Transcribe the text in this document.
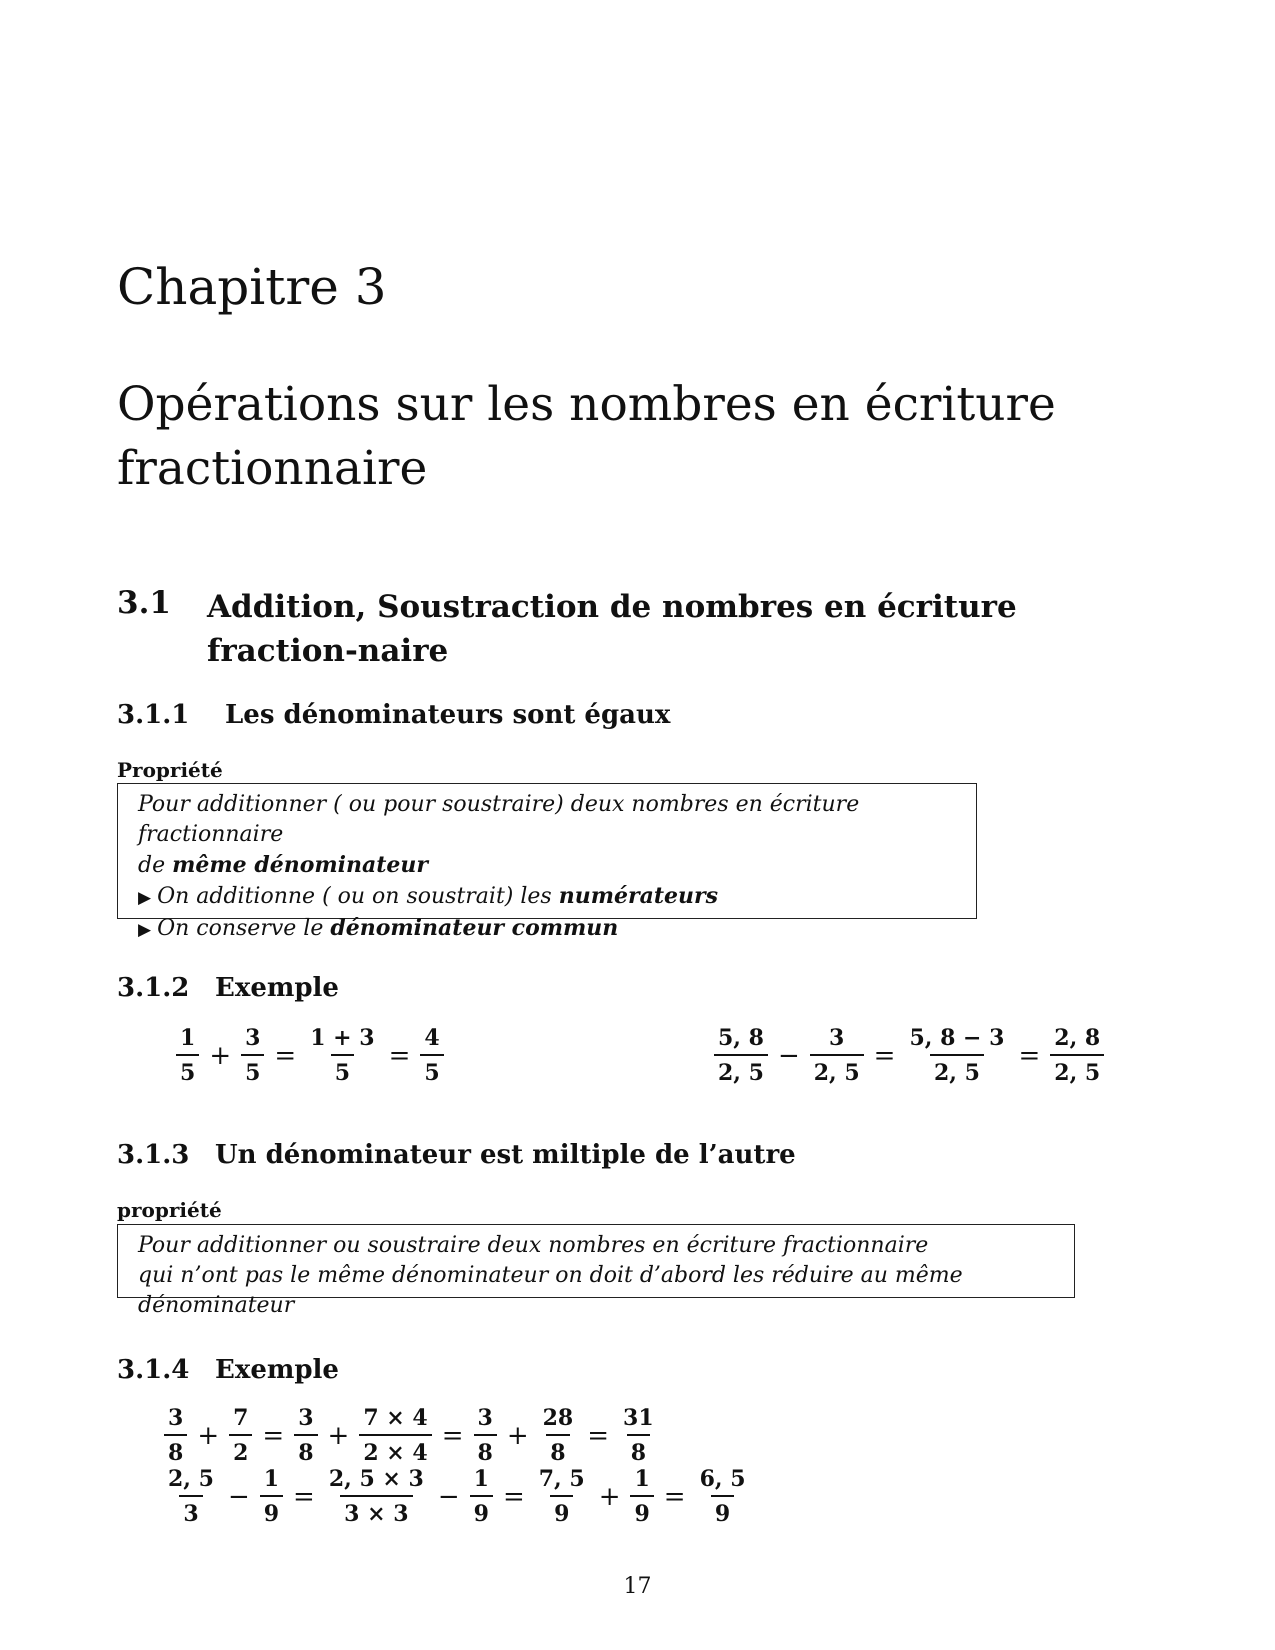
Chapitre 3
Opérations sur les nombres en écriture fractionnaire
3.1 Addition, Soustraction de nombres en écriture fraction-naire
3.1.1 Les dénominateurs sont égaux
Propriété
Pour additionner ( ou pour soustraire) deux nombres en écriture fractionnaire
de même dénominateur
▶ On additionne ( ou on soustrait) les numérateurs
▶ On conserve le dénominateur commun
3.1.2 Exemple
$\frac{1}{5} + \frac{3}{5} = \frac{1 + 3}{5} = \frac{4}{5}$	$\frac{5, 8}{2, 5} - \frac{3}{2, 5} = \frac{5, 8 - 3}{2, 5} = \frac{2, 8}{2, 5}$
3.1.3 Un dénominateur est miltiple de l’autre
propriété
Pour additionner ou soustraire deux nombres en écriture fractionnaire
qui n’ont pas le même dénominateur on doit d’abord les réduire au même dénominateur
3.1.4 Exemple
$\frac{3}{8} + \frac{7}{2} = \frac{3}{8} + \frac{7 \times 4}{2 \times 4} = \frac{3}{8} + \frac{28}{8} = \frac{31}{8}$
$\frac{2, 5}{3} - \frac{1}{9} = \frac{2, 5 \times 3}{3 \times 3} - \frac{1}{9} = \frac{7, 5}{9} + \frac{1}{9} = \frac{6, 5}{9}$
17
